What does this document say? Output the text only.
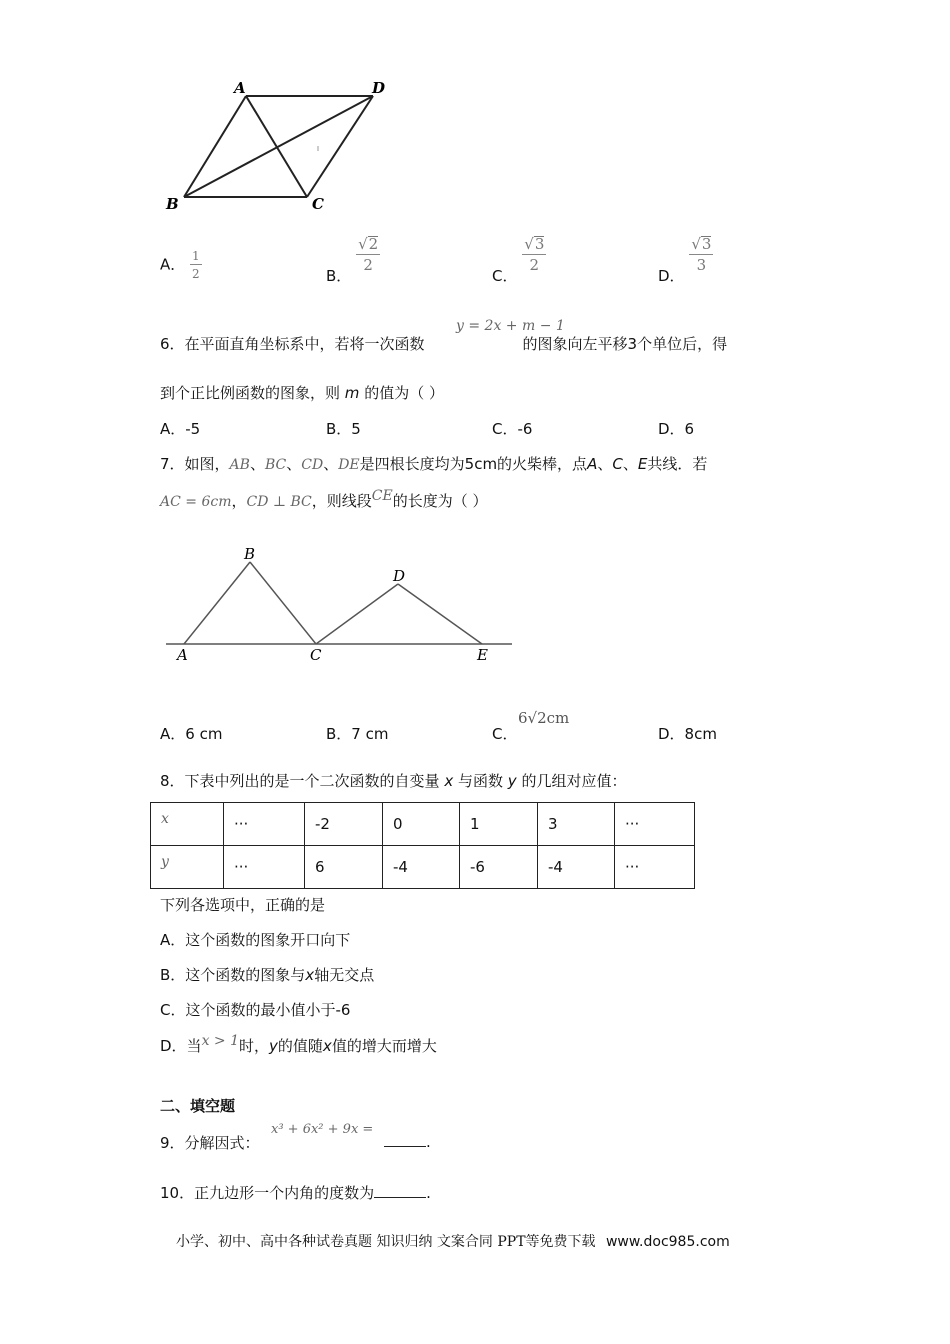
A	D
B	C
A． $\frac{1}{2}$	B．
$\frac{√2}{2}$
C．
$\frac{√3}{2}$
D．
$\frac{√3}{3}$
y = 2x + m − 1
6．在平面直角坐标系中，若将一次函数	的图象向左平移3个单位后，得
到个正比例函数的图象，则 m 的值为（ ）
A．-5	B．5	C．-6	D．6
7．如图，AB、BC、CD、DE是四根长度均为5cm的火柴棒，点A、C、E共线．若
AC = 6cm，CD ⊥ BC，则线段CE的长度为（ ）
B
D
A	C	E
A．6 cm	B．7 cm	C．
6√2cm
D．8cm
8．下表中列出的是一个二次函数的自变量 x 与函数 y 的几组对应值：
x	···	-2	0	1	3	···
y	···	6	-4	-6	-4	···
下列各选项中，正确的是
A．这个函数的图象开口向下
B．这个函数的图象与x轴无交点
C．这个函数的最小值小于-6
D．当x > 1时，y的值随x值的增大而增大
二、填空题
9．分解因式：
x³ + 6x² + 9x =
.
10．正九边形一个内角的度数为	.
小学、初中、高中各种试卷真题 知识归纳 文案合同 PPT等免费下载 www.doc985.com
